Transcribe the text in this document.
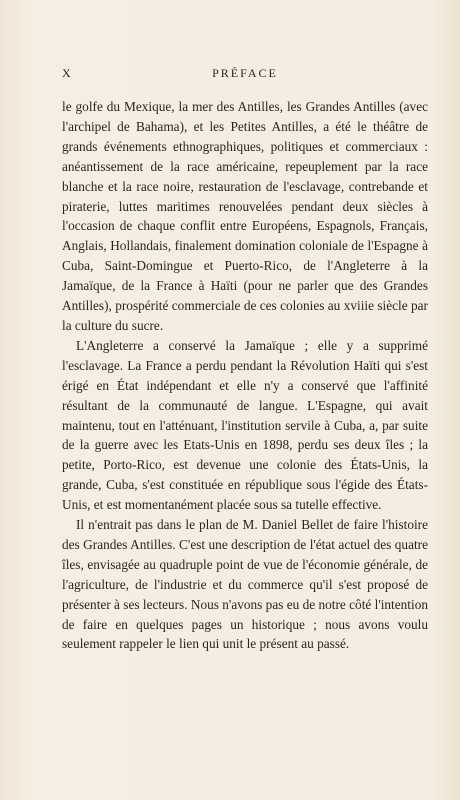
X	PRÉFACE

le golfe du Mexique, la mer des Antilles, les Grandes Antilles (avec l'archipel de Bahama), et les Petites Antilles, a été le théâtre de grands événements ethnographiques, politiques et commerciaux : anéantissement de la race américaine, repeuplement par la race blanche et la race noire, restauration de l'esclavage, contrebande et piraterie, luttes maritimes renouvelées pendant deux siècles à l'occasion de chaque conflit entre Européens, Espagnols, Français, Anglais, Hollandais, finalement domination coloniale de l'Espagne à Cuba, Saint-Domingue et Puerto-Rico, de l'Angleterre à la Jamaïque, de la France à Haïti (pour ne parler que des Grandes Antilles), prospérité commerciale de ces colonies au xviiie siècle par la culture du sucre.

L'Angleterre a conservé la Jamaïque ; elle y a supprimé l'esclavage. La France a perdu pendant la Révolution Haïti qui s'est érigé en État indépendant et elle n'y a conservé que l'affinité résultant de la communauté de langue. L'Espagne, qui avait maintenu, tout en l'atténuant, l'institution servile à Cuba, a, par suite de la guerre avec les Etats-Unis en 1898, perdu ses deux îles ; la petite, Porto-Rico, est devenue une colonie des États-Unis, la grande, Cuba, s'est constituée en république sous l'égide des États-Unis, et est momentanément placée sous sa tutelle effective.

Il n'entrait pas dans le plan de M. Daniel Bellet de faire l'histoire des Grandes Antilles. C'est une description de l'état actuel des quatre îles, envisagée au quadruple point de vue de l'économie générale, de l'agriculture, de l'industrie et du commerce qu'il s'est proposé de présenter à ses lecteurs. Nous n'avons pas eu de notre côté l'intention de faire en quelques pages un historique ; nous avons voulu seulement rappeler le lien qui unit le présent au passé.
